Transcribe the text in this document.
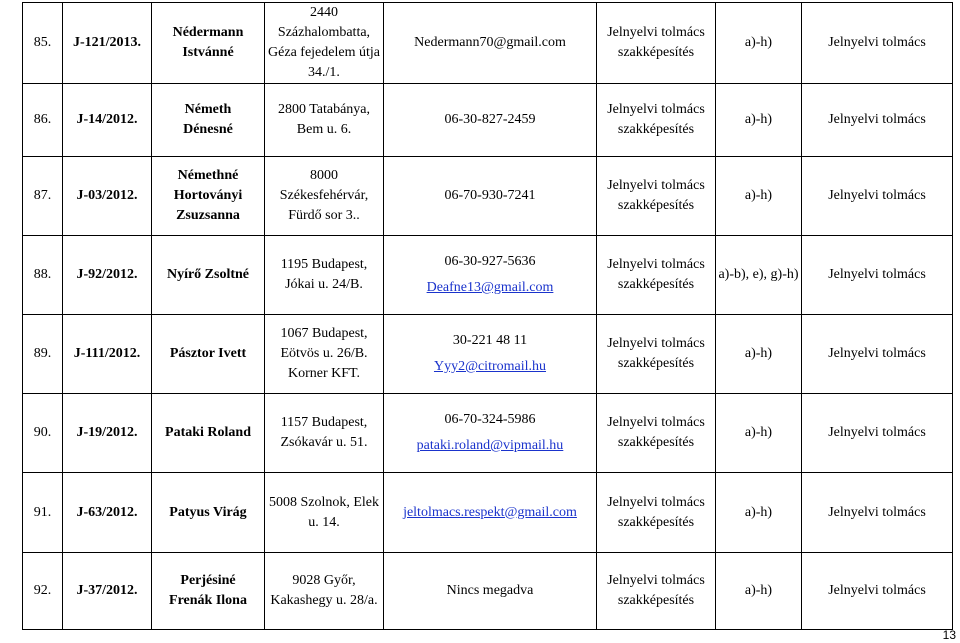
85.	J-121/2013.	Nédermann
Istvánné	2440
Százhalombatta,
Géza fejedelem útja
34./1.	Nedermann70@gmail.com	Jelnyelvi tolmács
szakképesítés	a)-h)	Jelnyelvi tolmács
86.	J-14/2012.	Németh
Dénesné	2800 Tatabánya,
Bem u. 6.	06-30-827-2459	Jelnyelvi tolmács
szakképesítés	a)-h)	Jelnyelvi tolmács
87.	J-03/2012.	Némethné
Hortoványi
Zsuzsanna	8000
Székesfehérvár,
Fürdő sor 3..	06-70-930-7241	Jelnyelvi tolmács
szakképesítés	a)-h)	Jelnyelvi tolmács
88.	J-92/2012.	Nyírő Zsoltné	1195 Budapest,
Jókai u. 24/B.	06-30-927-5636
Deafne13@gmail.com	Jelnyelvi tolmács
szakképesítés	a)-b), e), g)-h)	Jelnyelvi tolmács
89.	J-111/2012.	Pásztor Ivett	1067 Budapest,
Eötvös u. 26/B.
Korner KFT.	30-221 48 11
Yyy2@citromail.hu	Jelnyelvi tolmács
szakképesítés	a)-h)	Jelnyelvi tolmács
90.	J-19/2012.	Pataki Roland	1157 Budapest,
Zsókavár u. 51.	06-70-324-5986
pataki.roland@vipmail.hu	Jelnyelvi tolmács
szakképesítés	a)-h)	Jelnyelvi tolmács
91.	J-63/2012.	Patyus Virág	5008 Szolnok, Elek
u. 14.	jeltolmacs.respekt@gmail.com	Jelnyelvi tolmács
szakképesítés	a)-h)	Jelnyelvi tolmács
92.	J-37/2012.	Perjésiné
Frenák Ilona	9028 Győr,
Kakashegy u. 28/a.	Nincs megadva	Jelnyelvi tolmács
szakképesítés	a)-h)	Jelnyelvi tolmács
13
